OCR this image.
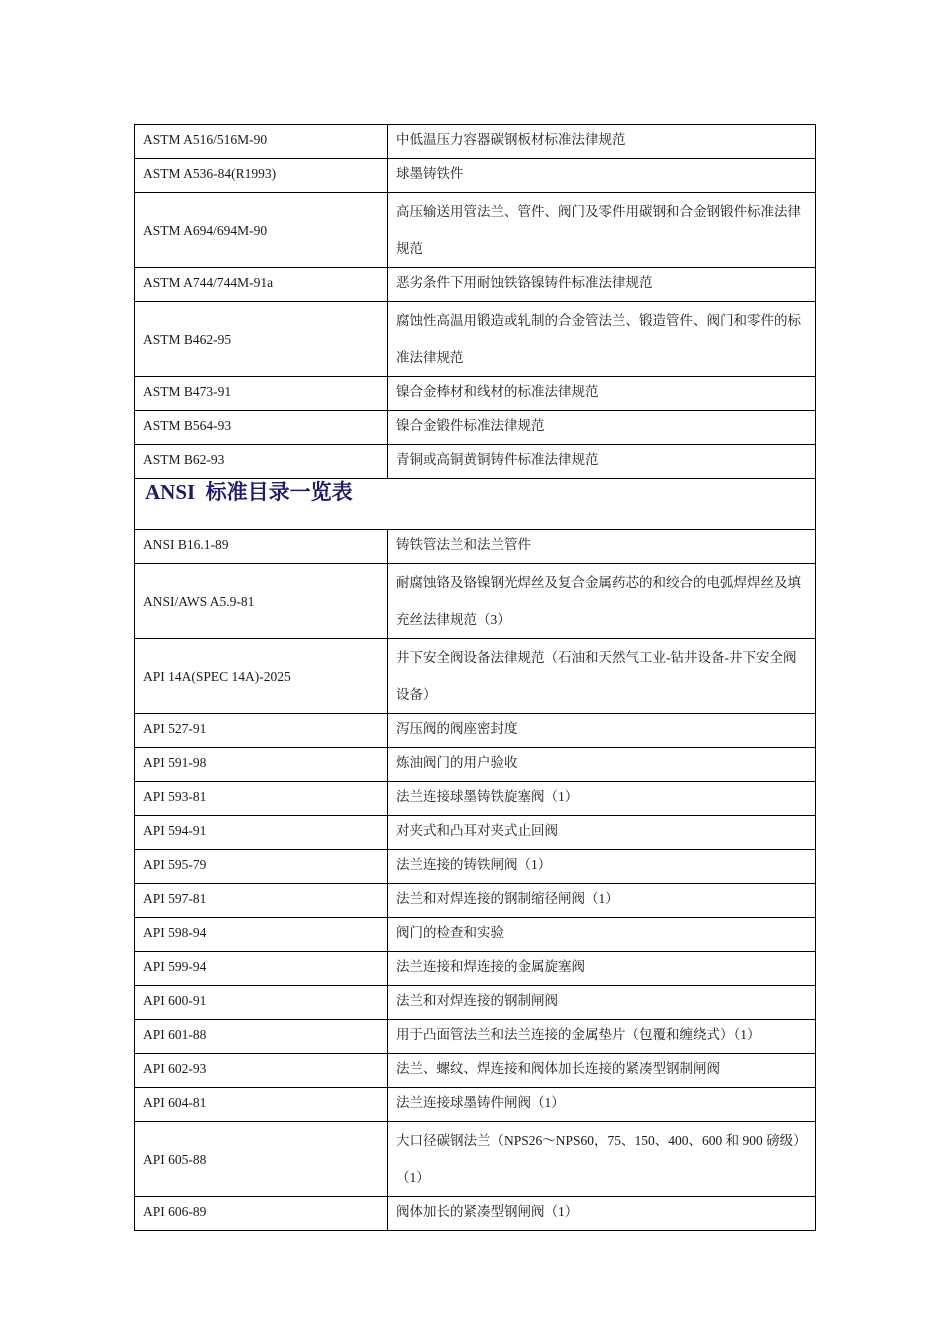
ASTM A516/516M-90	中低温压力容器碳钢板材标准法律规范
ASTM A536-84(R1993)	球墨铸铁件
ASTM A694/694M-90	高压输送用管法兰、管件、阀门及零件用碳钢和合金钢锻件标准法律规范
ASTM A744/744M-91a	恶劣条件下用耐蚀铁铬镍铸件标准法律规范
ASTM B462-95	腐蚀性高温用锻造或轧制的合金管法兰、锻造管件、阀门和零件的标准法律规范
ASTM B473-91	镍合金棒材和线材的标准法律规范
ASTM B564-93	镍合金锻件标准法律规范
ASTM B62-93	青铜或高铜黄铜铸件标准法律规范

ANSI  标准目录一览表	

ANSI B16.1-89	铸铁管法兰和法兰管件
ANSI/AWS A5.9-81	耐腐蚀铬及铬镍钢光焊丝及复合金属药芯的和绞合的电弧焊焊丝及填充丝法律规范（3）
API 14A(SPEC 14A)-2025	井下安全阀设备法律规范（石油和天然气工业-钻井设备-井下安全阀设备）
API 527-91	泻压阀的阀座密封度
API 591-98	炼油阀门的用户验收
API 593-81	法兰连接球墨铸铁旋塞阀（1）
API 594-91	对夹式和凸耳对夹式止回阀
API 595-79	法兰连接的铸铁闸阀（1）
API 597-81	法兰和对焊连接的钢制缩径闸阀（1）
API 598-94	阀门的检查和实验
API 599-94	法兰连接和焊连接的金属旋塞阀
API 600-91	法兰和对焊连接的钢制闸阀
API 601-88	用于凸面管法兰和法兰连接的金属垫片（包覆和缠绕式）（1）
API 602-93	法兰、螺纹、焊连接和阀体加长连接的紧凑型钢制闸阀
API 604-81	法兰连接球墨铸件闸阀（1）
API 605-88	大口径碳钢法兰（NPS26～NPS60，75、150、400、600 和 900 磅级）（1）
API 606-89	阀体加长的紧凑型钢闸阀（1）
